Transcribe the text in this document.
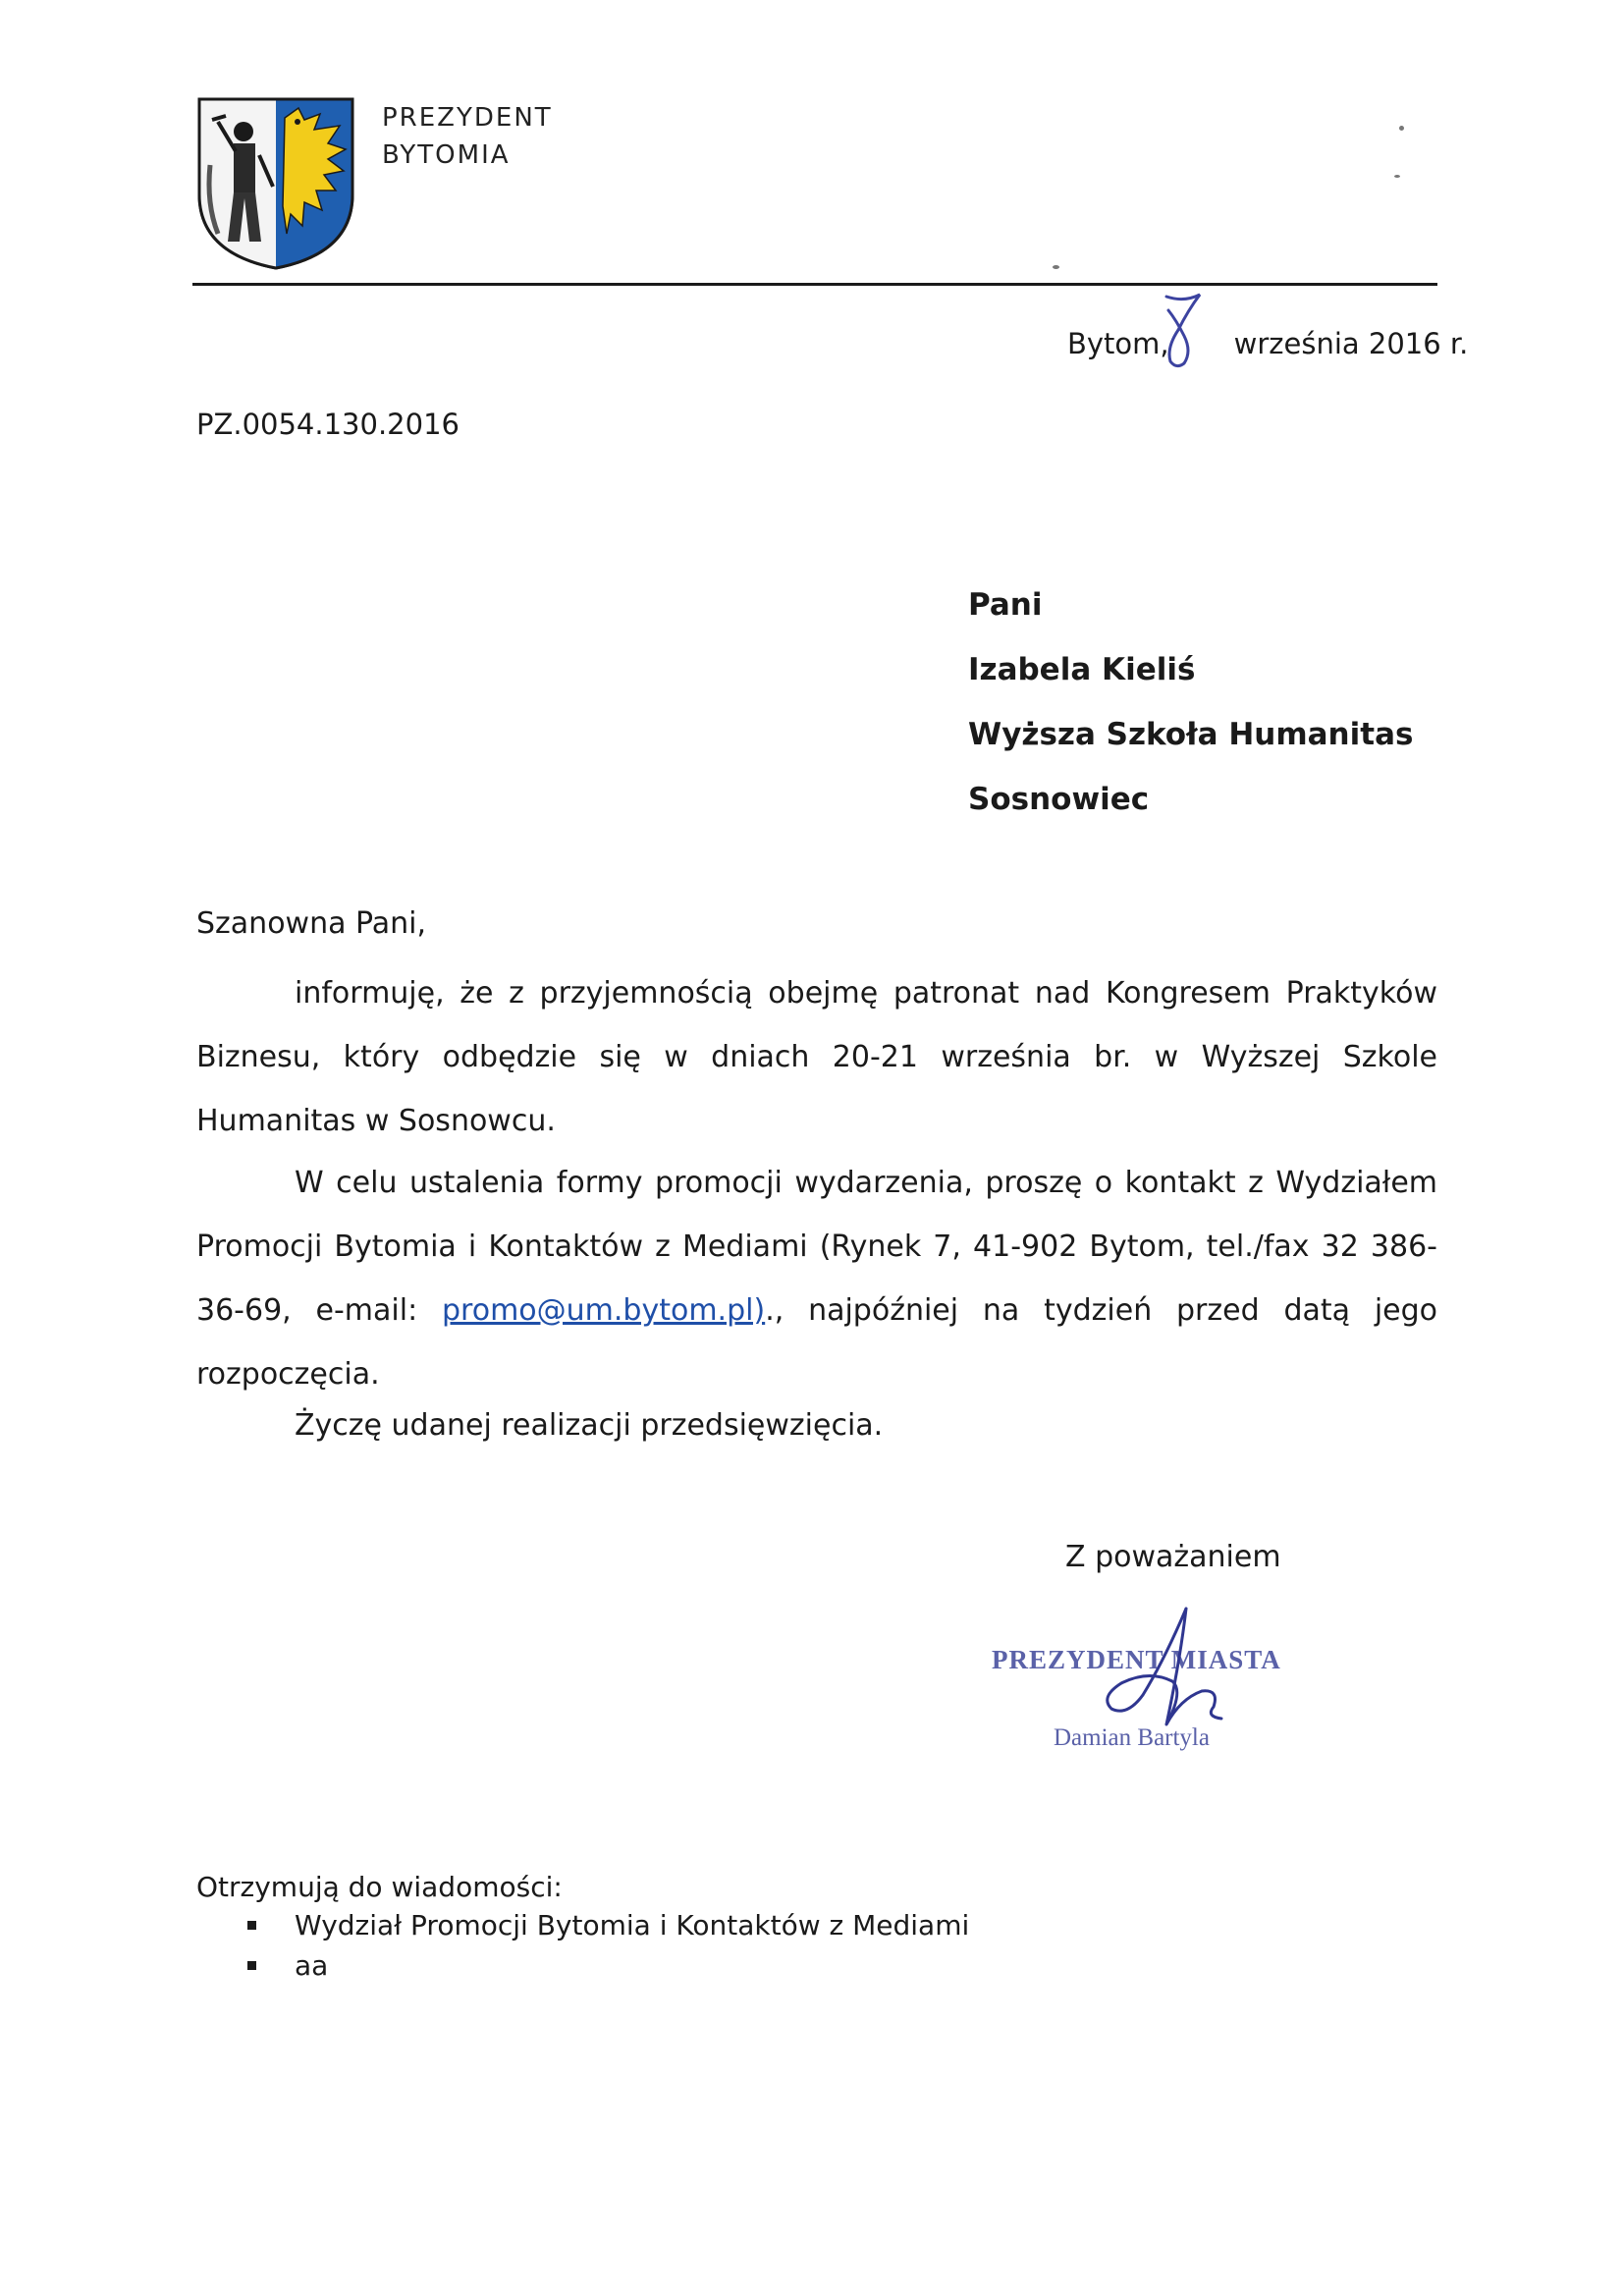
PREZYDENT
BYTOMIA
Bytom, września 2016 r.
PZ.0054.130.2016
Pani
Izabela Kieliś
Wyższa Szkoła Humanitas
Sosnowiec
Szanowna Pani,
informuję, że z przyjemnością obejmę patronat nad Kongresem Praktyków Biznesu, który odbędzie się w dniach 20-21 września br. w Wyższej Szkole Humanitas w Sosnowcu.
W celu ustalenia formy promocji wydarzenia, proszę o kontakt z Wydziałem Promocji Bytomia i Kontaktów z Mediami (Rynek 7, 41-902 Bytom, tel./fax 32 386-36-69, e-mail: promo@um.bytom.pl)., najpóźniej na tydzień przed datą jego rozpoczęcia.
Życzę udanej realizacji przedsięwzięcia.
Z poważaniem
PREZYDENT MIASTA
Damian Bartyla
Otrzymują do wiadomości:
Wydział Promocji Bytomia i Kontaktów z Mediami
aa
